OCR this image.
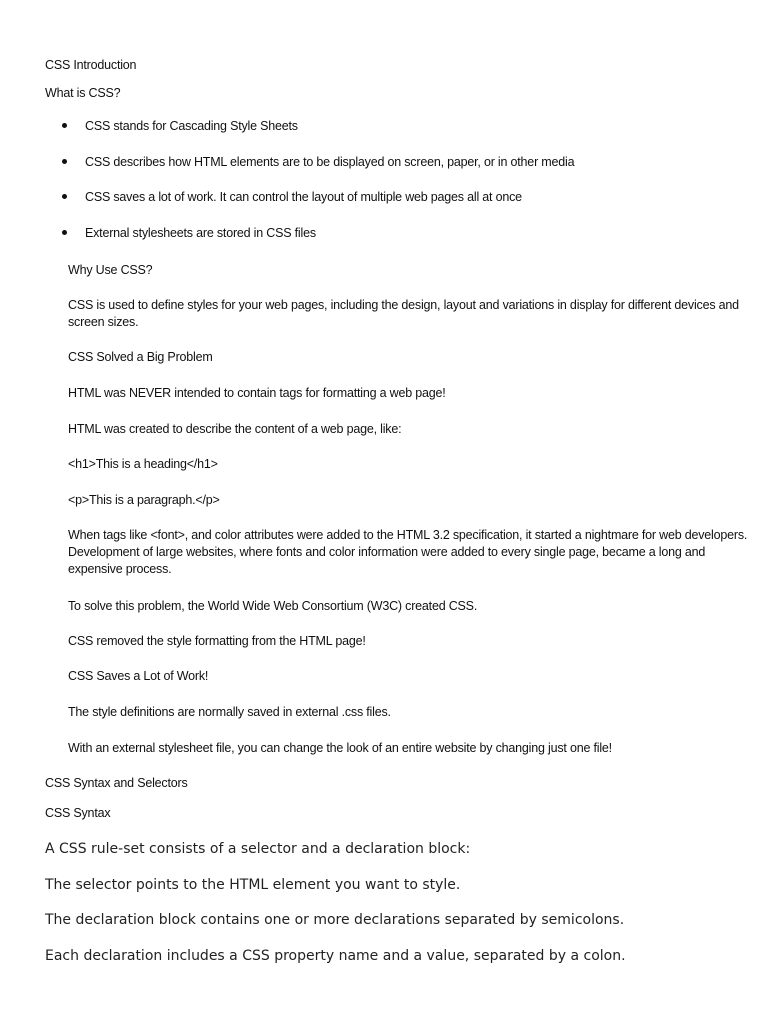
CSS Introduction

What is CSS?

CSS stands for Cascading Style Sheets
CSS describes how HTML elements are to be displayed on screen, paper, or in other media
CSS saves a lot of work. It can control the layout of multiple web pages all at once
External stylesheets are stored in CSS files

Why Use CSS?

CSS is used to define styles for your web pages, including the design, layout and variations in display for different devices and screen sizes.

CSS Solved a Big Problem

HTML was NEVER intended to contain tags for formatting a web page!

HTML was created to describe the content of a web page, like:

<h1>This is a heading</h1>

<p>This is a paragraph.</p>

When tags like <font>, and color attributes were added to the HTML 3.2 specification, it started a nightmare for web developers. Development of large websites, where fonts and color information were added to every single page, became a long and expensive process.

To solve this problem, the World Wide Web Consortium (W3C) created CSS.

CSS removed the style formatting from the HTML page!

CSS Saves a Lot of Work!

The style definitions are normally saved in external .css files.

With an external stylesheet file, you can change the look of an entire website by changing just one file!

CSS Syntax and Selectors

CSS Syntax

A CSS rule-set consists of a selector and a declaration block:

The selector points to the HTML element you want to style.

The declaration block contains one or more declarations separated by semicolons.

Each declaration includes a CSS property name and a value, separated by a colon.
